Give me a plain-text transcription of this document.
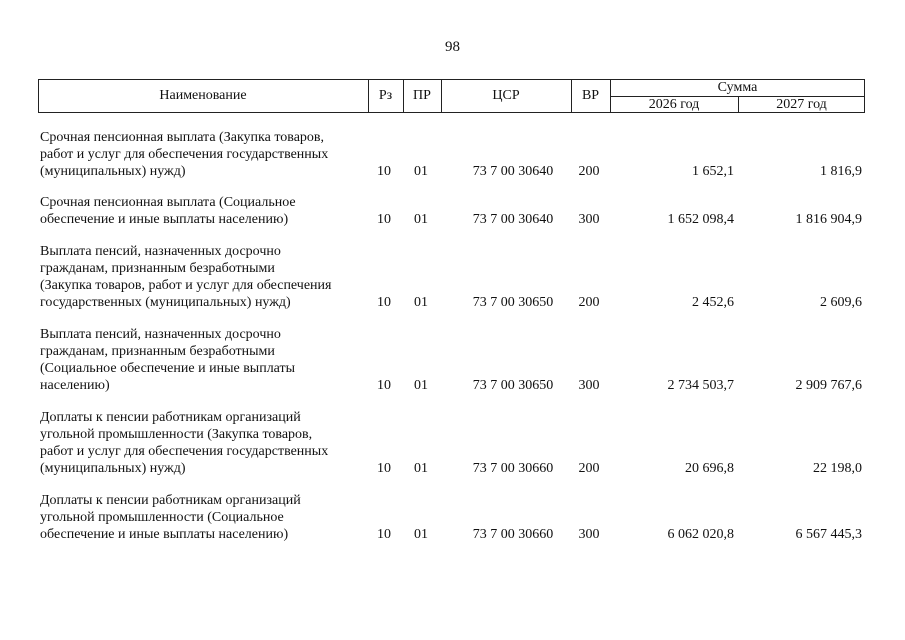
98
Наименование	Рз	ПР	ЦСР	ВР
Сумма
2026 год	2027 год
Срочная пенсионная выплата (Закупка товаров,
работ и услуг для обеспечения государственных
(муниципальных) нужд)	10	01	73 7 00 30640	200	1 652,1	1 816,9
Срочная пенсионная выплата (Социальное
обеспечение и иные выплаты населению)	10	01	73 7 00 30640	300	1 652 098,4	1 816 904,9
Выплата пенсий, назначенных досрочно
гражданам, признанным безработными
(Закупка товаров, работ и услуг для обеспечения
государственных (муниципальных) нужд)	10	01	73 7 00 30650	200	2 452,6	2 609,6
Выплата пенсий, назначенных досрочно
гражданам, признанным безработными
(Социальное обеспечение и иные выплаты
населению)	10	01	73 7 00 30650	300	2 734 503,7	2 909 767,6
Доплаты к пенсии работникам организаций
угольной промышленности (Закупка товаров,
работ и услуг для обеспечения государственных
(муниципальных) нужд)	10	01	73 7 00 30660	200	20 696,8	22 198,0
Доплаты к пенсии работникам организаций
угольной промышленности (Социальное
обеспечение и иные выплаты населению)	10	01	73 7 00 30660	300	6 062 020,8	6 567 445,3
